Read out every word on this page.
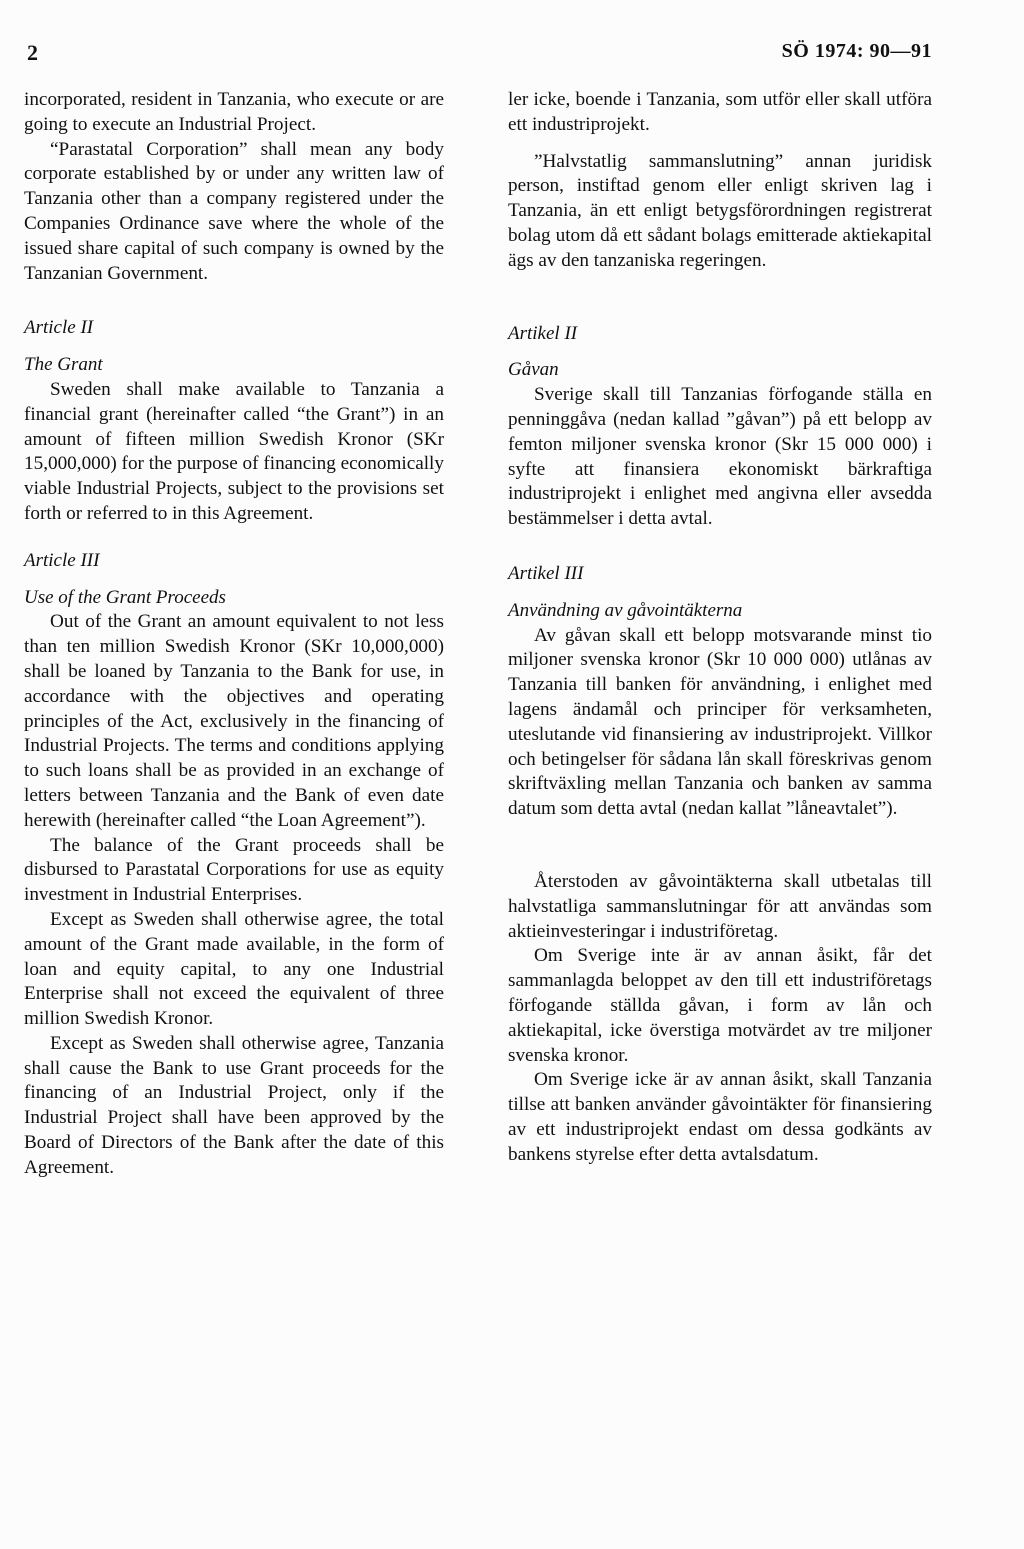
2	SÖ 1974: 90—91

incorporated, resident in Tanzania, who execute or are going to execute an Industrial Project.

“Parastatal Corporation” shall mean any body corporate established by or under any written law of Tanzania other than a company registered under the Companies Ordinance save where the whole of the issued share capital of such company is owned by the Tanzanian Government.

Article II

The Grant

Sweden shall make available to Tanzania a financial grant (hereinafter called “the Grant”) in an amount of fifteen million Swedish Kronor (SKr 15,000,000) for the purpose of financing economically viable Industrial Projects, subject to the provisions set forth or referred to in this Agreement.

Article III

Use of the Grant Proceeds

Out of the Grant an amount equivalent to not less than ten million Swedish Kronor (SKr 10,000,000) shall be loaned by Tanzania to the Bank for use, in accordance with the objectives and operating principles of the Act, exclusively in the financing of Industrial Projects. The terms and conditions applying to such loans shall be as provided in an exchange of letters between Tanzania and the Bank of even date herewith (hereinafter called “the Loan Agreement”).

The balance of the Grant proceeds shall be disbursed to Parastatal Corporations for use as equity investment in Industrial Enterprises.

Except as Sweden shall otherwise agree, the total amount of the Grant made available, in the form of loan and equity capital, to any one Industrial Enterprise shall not exceed the equivalent of three million Swedish Kronor.

Except as Sweden shall otherwise agree, Tanzania shall cause the Bank to use Grant proceeds for the financing of an Industrial Project, only if the Industrial Project shall have been approved by the Board of Directors of the Bank after the date of this Agreement.

ler icke, boende i Tanzania, som utför eller skall utföra ett industriprojekt.

”Halvstatlig sammanslutning” annan juridisk person, instiftad genom eller enligt skriven lag i Tanzania, än ett enligt betygsförordningen registrerat bolag utom då ett sådant bolags emitterade aktiekapital ägs av den tanzaniska regeringen.

Artikel II

Gåvan

Sverige skall till Tanzanias förfogande ställa en penninggåva (nedan kallad ”gåvan”) på ett belopp av femton miljoner svenska kronor (Skr 15 000 000) i syfte att finansiera ekonomiskt bärkraftiga industriprojekt i enlighet med angivna eller avsedda bestämmelser i detta avtal.

Artikel III

Användning av gåvointäkterna

Av gåvan skall ett belopp motsvarande minst tio miljoner svenska kronor (Skr 10 000 000) utlånas av Tanzania till banken för användning, i enlighet med lagens ändamål och principer för verksamheten, uteslutande vid finansiering av industriprojekt. Villkor och betingelser för sådana lån skall föreskrivas genom skriftväxling mellan Tanzania och banken av samma datum som detta avtal (nedan kallat ”låneavtalet”).

Återstoden av gåvointäkterna skall utbetalas till halvstatliga sammanslutningar för att användas som aktieinvesteringar i industriföretag.

Om Sverige inte är av annan åsikt, får det sammanlagda beloppet av den till ett industriföretags förfogande ställda gåvan, i form av lån och aktiekapital, icke överstiga motvärdet av tre miljoner svenska kronor.

Om Sverige icke är av annan åsikt, skall Tanzania tillse att banken använder gåvointäkter för finansiering av ett industriprojekt endast om dessa godkänts av bankens styrelse efter detta avtalsdatum.
